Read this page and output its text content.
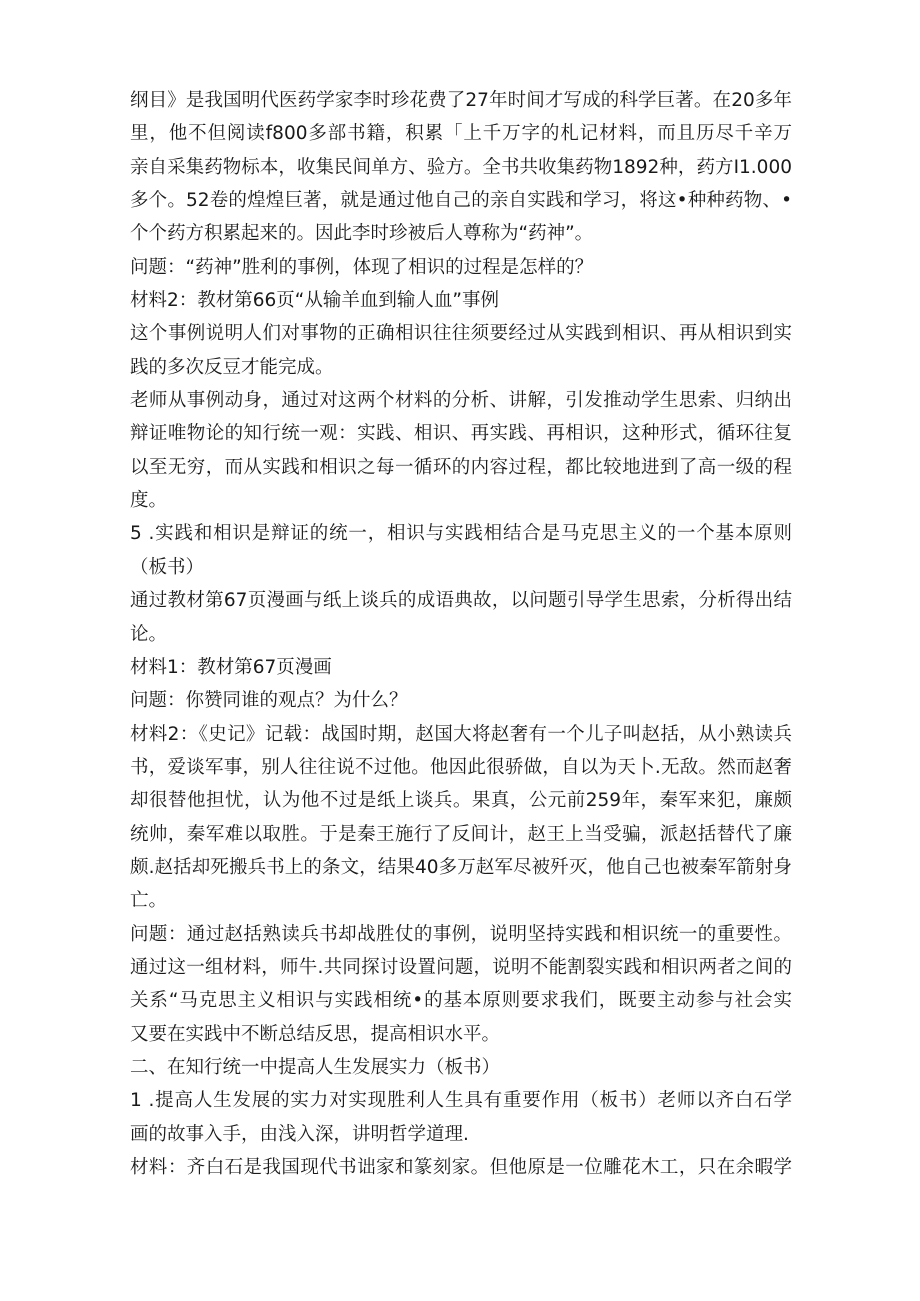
纲目》是我国明代医药学家李时珍花费了27年时间才写成的科学巨著。在20多年
里，他不但阅读f800多部书籍，积累「上千万字的札记材料，而且历尽千辛万
亲自采集药物标本，收集民间单方、验方。全书共收集药物1892种，药方I1.000
多个。52卷的煌煌巨著，就是通过他自己的亲自实践和学习，将这•种种药物、•
个个药方积累起来的。因此李时珍被后人尊称为“药神”。
问题：“药神”胜利的事例，体现了相识的过程是怎样的？
材料2：教材第66页“从输羊血到输人血”事例
这个事例说明人们对事物的正确相识往往须要经过从实践到相识、再从相识到实
践的多次反豆才能完成。
老师从事例动身，通过对这两个材料的分析、讲解，引发推动学生思索、归纳出
辩证唯物论的知行统一观：实践、相识、再实践、再相识，这种形式，循环往复
以至无穷，而从实践和相识之每一循环的内容过程，都比较地进到了高一级的程
度。
5 .实践和相识是辩证的统一，相识与实践相结合是马克思主义的一个基本原则
（板书）
通过教材第67页漫画与纸上谈兵的成语典故，以问题引导学生思索，分析得出结
论。
材料1：教材第67页漫画
问题：你赞同谁的观点？为什么？
材料2：《史记》记载：战国时期，赵国大将赵奢有一个儿子叫赵括，从小熟读兵
书，爱谈军事，别人往往说不过他。他因此很骄做，自以为天卜.无敌。然而赵奢
却很替他担忧，认为他不过是纸上谈兵。果真，公元前259年，秦军来犯，廉颇
统帅，秦军难以取胜。于是秦王施行了反间计，赵王上当受骗，派赵括替代了廉
颇.赵括却死搬兵书上的条文，结果40多万赵军尽被歼灭，他自己也被秦军箭射身
亡。
问题：通过赵括熟读兵书却战胜仗的事例，说明坚持实践和相识统一的重要性。
通过这一组材料，师牛.共同探讨设置问题，说明不能割裂实践和相识两者之间的
关系“马克思主义相识与实践相统•的基本原则要求我们，既要主动参与社会实
又要在实践中不断总结反思，提高相识水平。
二、在知行统一中提高人生发展实力（板书）
1 .提高人生发展的实力对实现胜利人生具有重要作用（板书）老师以齐白石学
画的故事入手，由浅入深，讲明哲学道理.
材料：齐白石是我国现代书诎家和篆刻家。但他原是一位雕花木工，只在余暇学
